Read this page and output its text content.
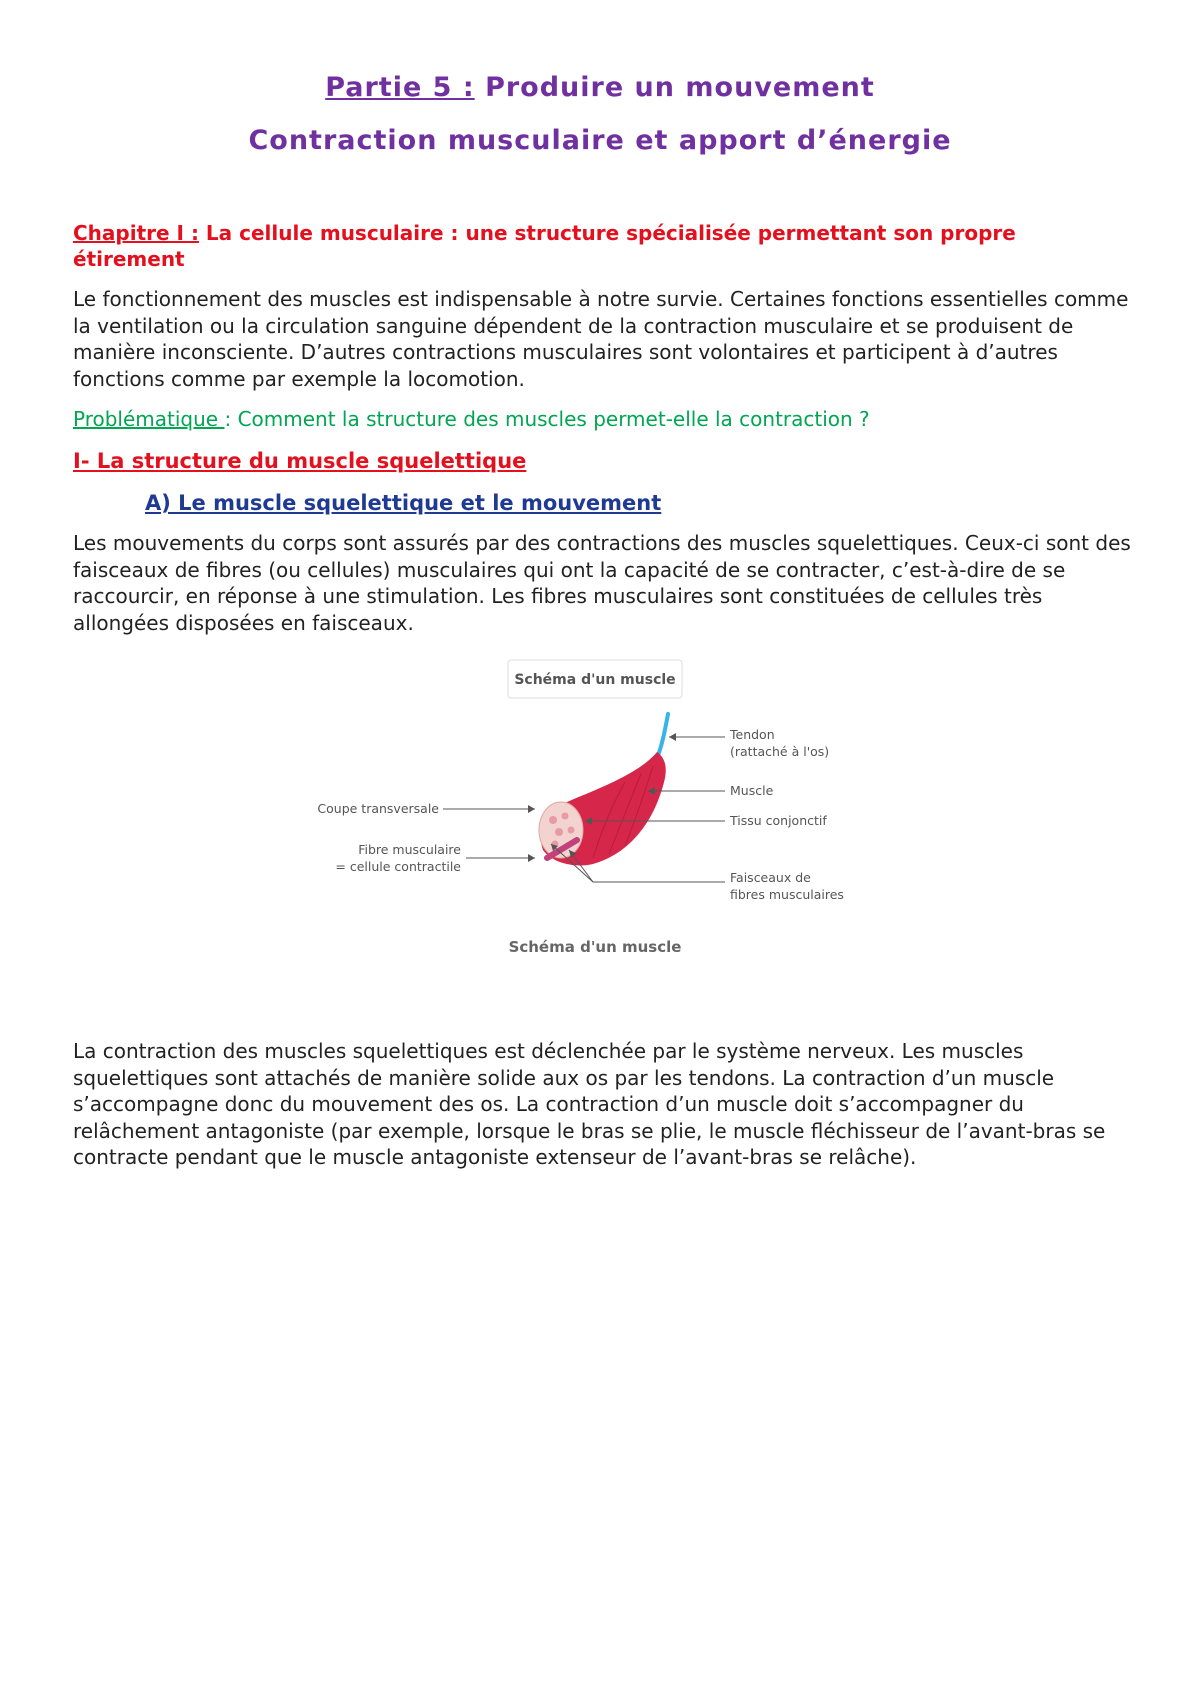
Partie 5 : Produire un mouvement
Contraction musculaire et apport d’énergie
Chapitre I : La cellule musculaire : une structure spécialisée permettant son propre étirement

Le fonctionnement des muscles est indispensable à notre survie. Certaines fonctions essentielles comme la ventilation ou la circulation sanguine dépendent de la contraction musculaire et se produisent de manière inconsciente. D’autres contractions musculaires sont volontaires et participent à d’autres fonctions comme par exemple la locomotion.

Problématique : Comment la structure des muscles permet-elle la contraction ?

I- La structure du muscle squelettique
A) Le muscle squelettique et le mouvement

Les mouvements du corps sont assurés par des contractions des muscles squelettiques. Ceux-ci sont des faisceaux de fibres (ou cellules) musculaires qui ont la capacité de se contracter, c’est-à-dire de se raccourcir, en réponse à une stimulation. Les fibres musculaires sont constituées de cellules très allongées disposées en faisceaux.

Schéma d'un muscle
Tendon
(rattaché à l'os)
Muscle
Tissu conjonctif
Faisceaux de
fibres musculaires
Coupe transversale
Fibre musculaire
= cellule contractile
Schéma d'un muscle

La contraction des muscles squelettiques est déclenchée par le système nerveux. Les muscles squelettiques sont attachés de manière solide aux os par les tendons. La contraction d’un muscle s’accompagne donc du mouvement des os. La contraction d’un muscle doit s’accompagner du relâchement antagoniste (par exemple, lorsque le bras se plie, le muscle fléchisseur de l’avant-bras se contracte pendant que le muscle antagoniste extenseur de l’avant-bras se relâche).
